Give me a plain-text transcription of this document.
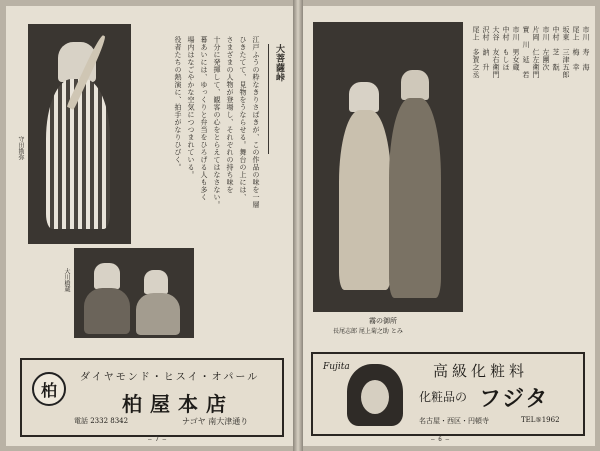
守田勘弥
大川橋蔵
大菩薩峠
江戸ふうの粋なきりさばきが、この作品の味を一層
ひきたてて、見物をうならせる。舞台の上には、
さまざまの人物が登場し、それぞれの持ち味を
十分に発揮して、観客の心をとらえてはなさない。
幕あいには、ゆっくりと弁当をひろげる人も多く
場内はなごやかな空気につつまれている。
役者たちの熱演に、拍手がなりひびく。
柏
ダイヤモンド・ヒスイ・オパール
柏屋本店
電話 2332 8342	ナゴヤ 南大津通り
— 7 —
霧の御所
長尾志郎 尾上菊之助 とみ
市川　寿　海
尾上　梅　幸
坂東　三津五郎
中村　芝　翫
市川　左團次
片岡　仁左衛門
實　川　延　若
市川　男女蔵
中村　もしほ
大谷　友右衛門
沢村　訥　升
尾上　多賀之丞
Fujita	高級化粧料
化粧品の フジタ
名古屋・西区・円頓寺	TEL⑤1962
— 6 —
